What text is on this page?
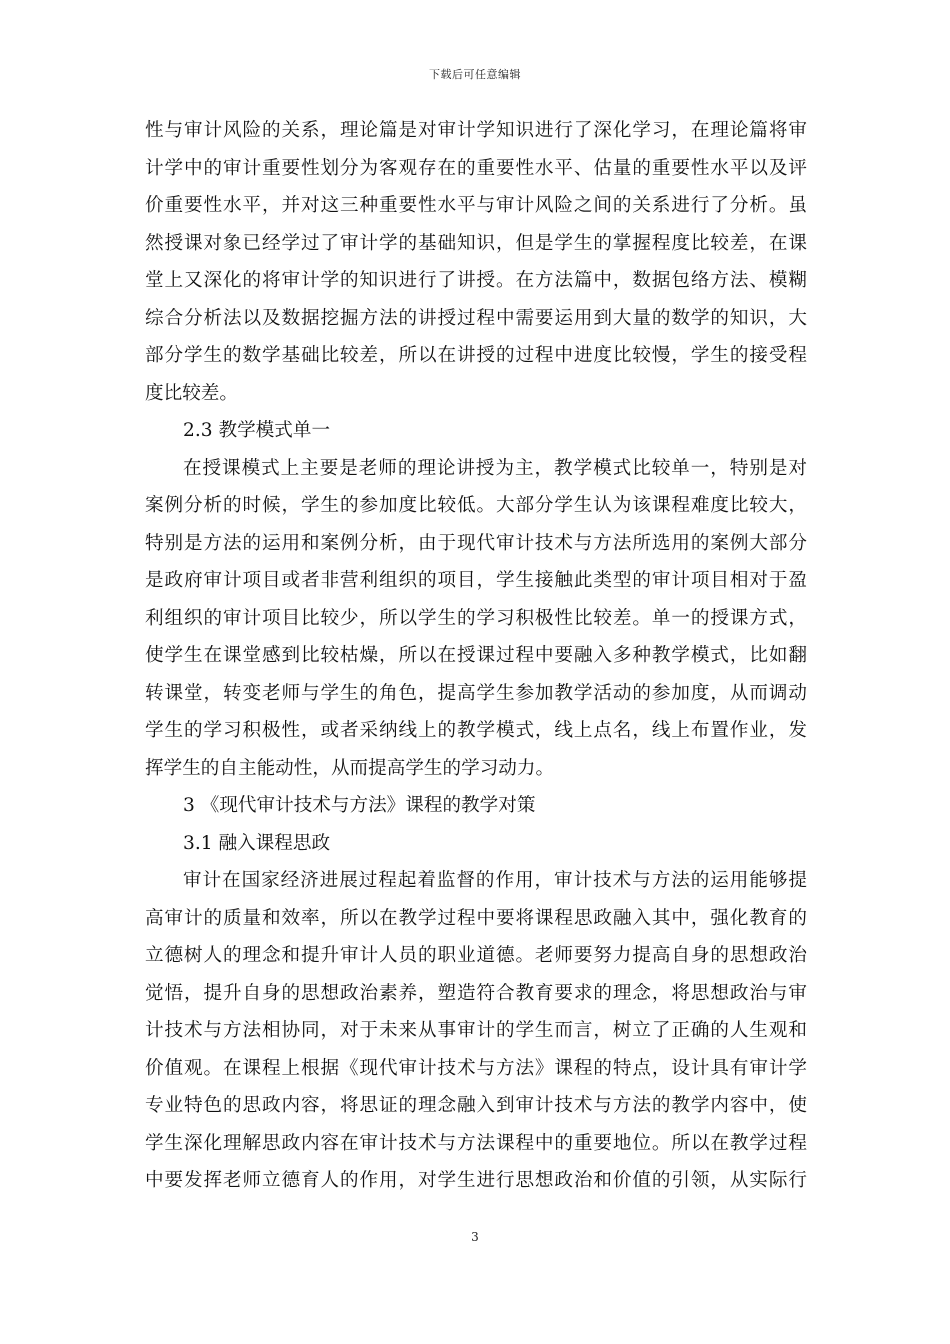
下载后可任意编辑
性与审计风险的关系，理论篇是对审计学知识进行了深化学习，在理论篇将审
计学中的审计重要性划分为客观存在的重要性水平、估量的重要性水平以及评
价重要性水平，并对这三种重要性水平与审计风险之间的关系进行了分析。虽
然授课对象已经学过了审计学的基础知识，但是学生的掌握程度比较差，在课
堂上又深化的将审计学的知识进行了讲授。在方法篇中，数据包络方法、模糊
综合分析法以及数据挖掘方法的讲授过程中需要运用到大量的数学的知识，大
部分学生的数学基础比较差，所以在讲授的过程中进度比较慢，学生的接受程
度比较差。
2.3 教学模式单一
在授课模式上主要是老师的理论讲授为主，教学模式比较单一，特别是对
案例分析的时候，学生的参加度比较低。大部分学生认为该课程难度比较大，
特别是方法的运用和案例分析，由于现代审计技术与方法所选用的案例大部分
是政府审计项目或者非营利组织的项目，学生接触此类型的审计项目相对于盈
利组织的审计项目比较少，所以学生的学习积极性比较差。单一的授课方式，
使学生在课堂感到比较枯燥，所以在授课过程中要融入多种教学模式，比如翻
转课堂，转变老师与学生的角色，提高学生参加教学活动的参加度，从而调动
学生的学习积极性，或者采纳线上的教学模式，线上点名，线上布置作业，发
挥学生的自主能动性，从而提高学生的学习动力。
3 《现代审计技术与方法》课程的教学对策
3.1 融入课程思政
审计在国家经济进展过程起着监督的作用，审计技术与方法的运用能够提
高审计的质量和效率，所以在教学过程中要将课程思政融入其中，强化教育的
立德树人的理念和提升审计人员的职业道德。老师要努力提高自身的思想政治
觉悟，提升自身的思想政治素养，塑造符合教育要求的理念，将思想政治与审
计技术与方法相协同，对于未来从事审计的学生而言，树立了正确的人生观和
价值观。在课程上根据《现代审计技术与方法》课程的特点，设计具有审计学
专业特色的思政内容，将思证的理念融入到审计技术与方法的教学内容中，使
学生深化理解思政内容在审计技术与方法课程中的重要地位。所以在教学过程
中要发挥老师立德育人的作用，对学生进行思想政治和价值的引领，从实际行
3
